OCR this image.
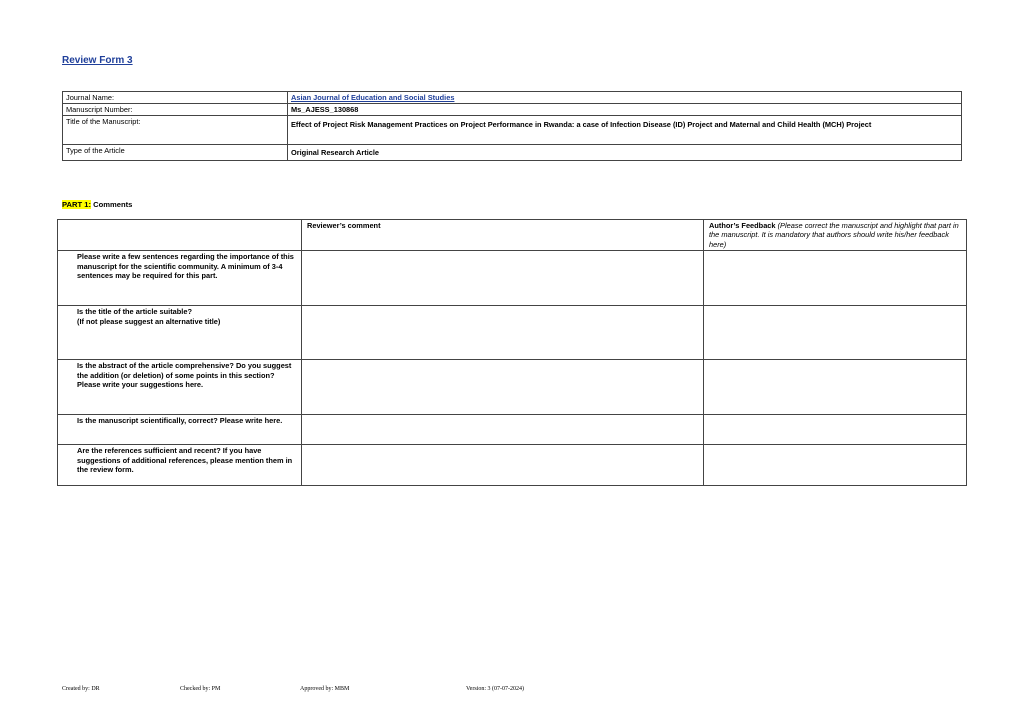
Review Form 3
Journal Name:	Asian Journal of Education and Social Studies
Manuscript Number:	Ms_AJESS_130868
Title of the Manuscript:	Effect of Project Risk Management Practices on Project Performance in Rwanda: a case of Infection Disease (ID) Project and Maternal and Child Health (MCH) Project
Type of the Article	Original Research Article
PART 1: Comments
	Reviewer’s comment	Author’s Feedback (Please correct the manuscript and highlight that part in the manuscript. It is mandatory that authors should write his/her feedback here)
Please write a few sentences regarding the importance of this manuscript for the scientific community. A minimum of 3-4 sentences may be required for this part.		
Is the title of the article suitable?
(If not please suggest an alternative title)		
Is the abstract of the article comprehensive? Do you suggest the addition (or deletion) of some points in this section? Please write your suggestions here.		
Is the manuscript scientifically, correct? Please write here.		
Are the references sufficient and recent? If you have suggestions of additional references, please mention them in the review form.		
Created by: DR	Checked by: PM	Approved by: MBM	Version: 3 (07-07-2024)
